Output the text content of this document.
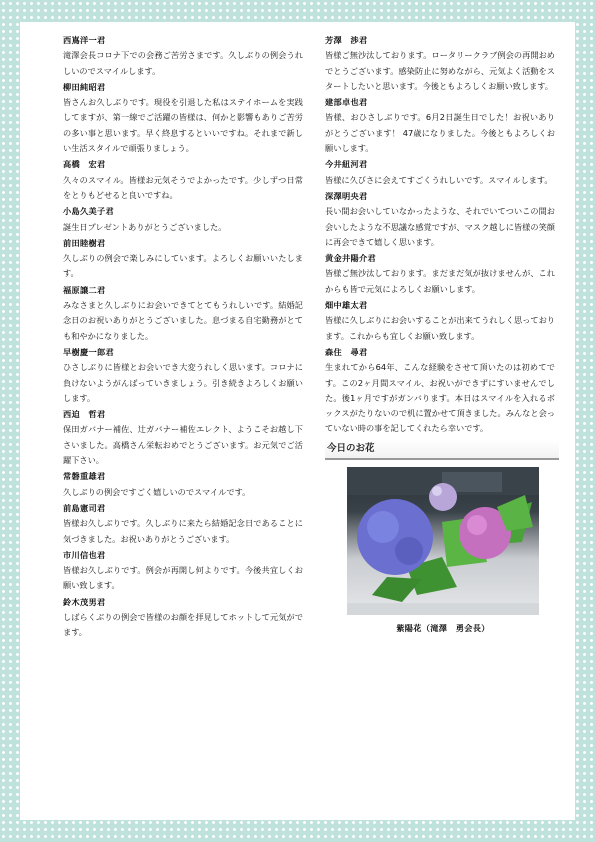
西嶌洋一君
滝澤会長コロナ下での会務ご苦労さまです。久しぶりの例会うれしいのでスマイルします。
柳田純昭君
皆さんお久しぶりです。現役を引退した私はステイホームを実践してますが、第一線でご活躍の皆様は、何かと影響もありご苦労の多い事と思います。早く終息するといいですね。それまで新しい生活スタイルで頑張りましょう。
高橋　宏君
久々のスマイル。皆様お元気そうでよかったです。少しずつ日常をとりもどせると良いですね。
小島久美子君
誕生日プレゼントありがとうございました。
前田睦樹君
久しぶりの例会で楽しみにしています。よろしくお願いいたします。
福原譲二君
みなさまと久しぶりにお会いできてとてもうれしいです。結婚記念日のお祝いありがとうございました。息づまる自宅勤務がとても和やかになりました。
早樹慶一郎君
ひさしぶりに皆様とお会いでき大変うれしく思います。コロナに負けないようがんばっていきましょう。引き続きよろしくお願いします。
西迫　哲君
保田ガバナー補佐、辻ガバナー補佐エレクト、ようこそお越し下さいました。高橋さん栄転おめでとうございます。お元気でご活躍下さい。
常磐重雄君
久しぶりの例会ですごく嬉しいのでスマイルです。
前島憲司君
皆様お久しぶりです。久しぶりに来たら結婚記念日であることに気づきました。お祝いありがとうございます。
市川信也君
皆様お久しぶりです。例会が再開し何よりです。今後共宜しくお願い致します。
鈴木茂男君
しばらくぶりの例会で皆様のお顔を拝見してホットして元気がでます。
芳澤　渉君
皆様ご無沙汰しております。ロータリークラブ例会の再開おめでとうございます。感染防止に努めながら、元気よく活動をスタートしたいと思います。今後ともよろしくお願い致します。
建部卓也君
皆様、おひさしぶりです。6月2日誕生日でした！お祝いありがとうございます！ 47歳になりました。今後ともよろしくお願いします。
今井紐河君
皆様に久びさに会えてすごくうれしいです。スマイルします。
深澤明央君
長い間お会いしていなかったような、それでいてついこの間お会いしたような不思議な感覚ですが、マスク越しに皆様の笑顔に再会できて嬉しく思います。
黄金井陽介君
皆様ご無沙汰しております。まだまだ気が抜けませんが、これからも皆で元気によろしくお願いします。
畑中雄太君
皆様に久しぶりにお会いすることが出来てうれしく思っております。これからも宜しくお願い致します。
森住　尋君
生まれてから64年、こんな経験をさせて頂いたのは初めてです。この2ヶ月間スマイル、お祝いができずにすいませんでした。後1ヶ月ですがガンバります。本日はスマイルを入れるボックスがたりないので机に置かせて頂きました。みんなと会っていない時の事を記してくれたら幸いです。
今日のお花
紫陽花（滝澤　勇会長）
